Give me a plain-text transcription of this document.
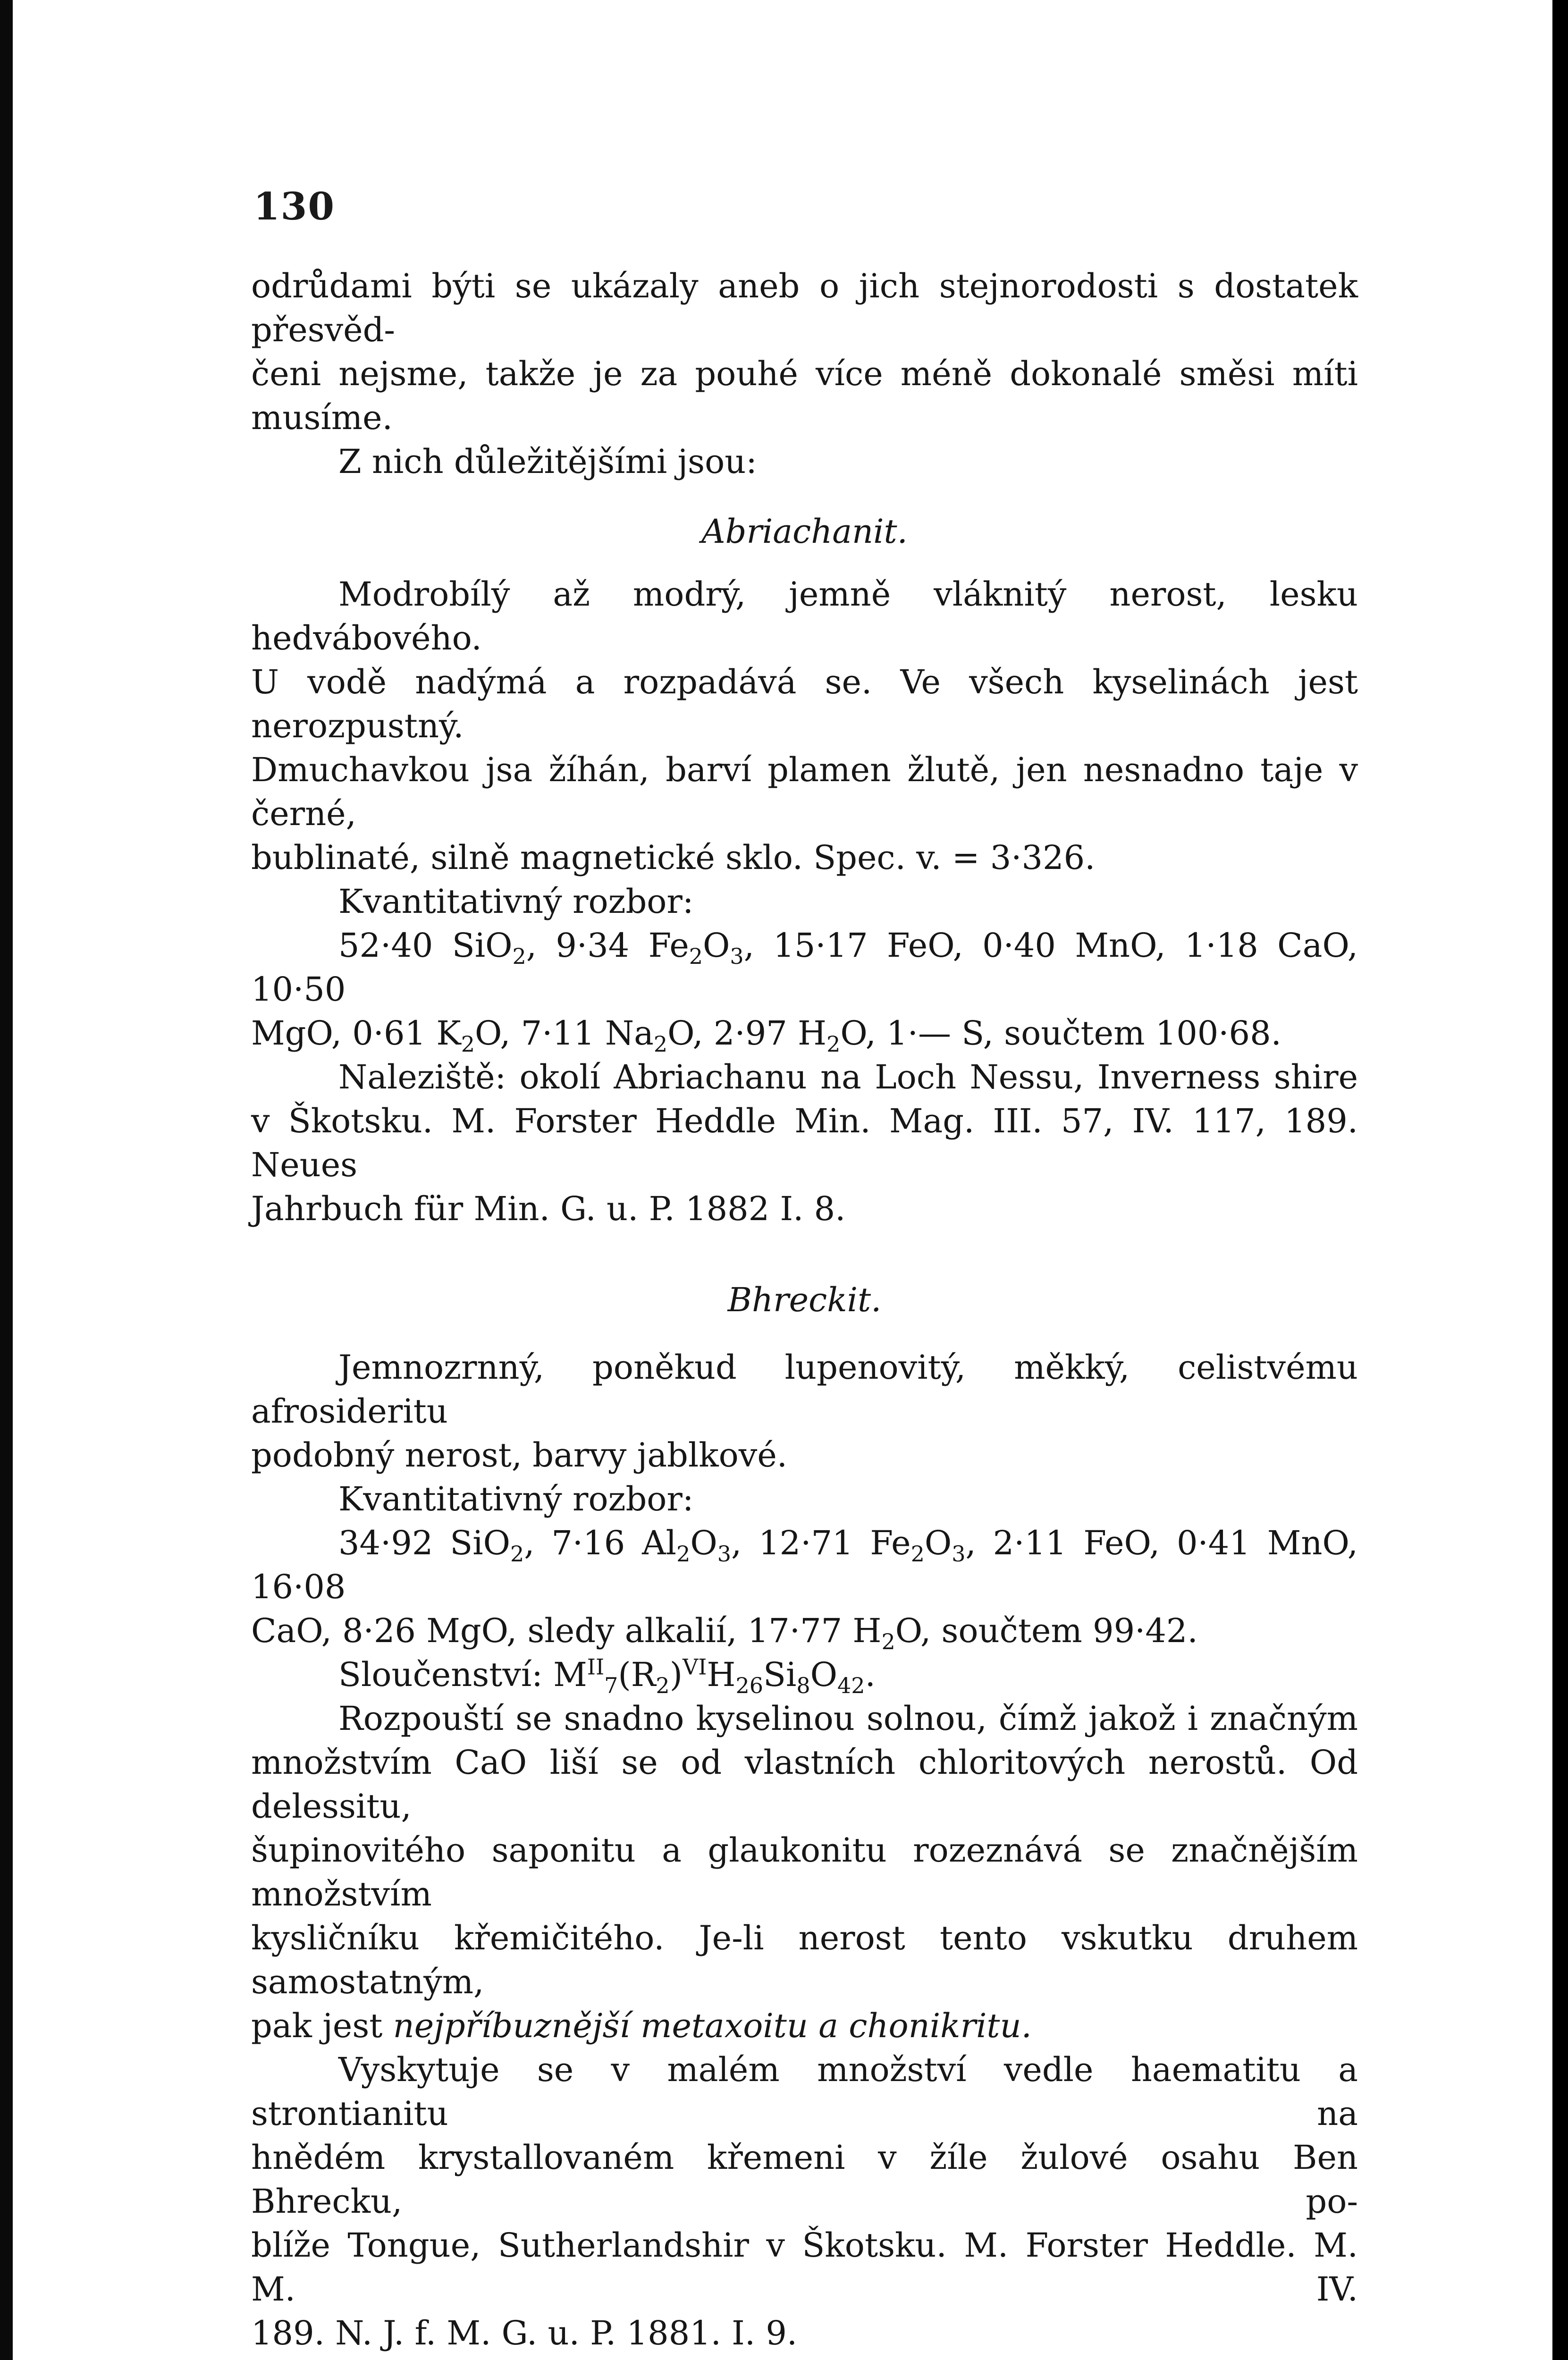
130

odrůdami býti se ukázaly aneb o jich stejnorodosti s dostatek přesvěd-

čeni nejsme, takže je za pouhé více méně dokonalé směsi míti musíme.

Z nich důležitějšími jsou:

Abriachanit.

Modrobílý až modrý, jemně vláknitý nerost, lesku hedvábového.

U vodě nadýmá a rozpadává se. Ve všech kyselinách jest nerozpustný.

Dmuchavkou jsa žíhán, barví plamen žlutě, jen nesnadno taje v černé,

bublinaté, silně magnetické sklo. Spec. v. = 3·326.

Kvantitativný rozbor:

52·40 SiO$_2$, 9·34 $Fe_2O_3$, 15·17 FeO, 0·40 MnO, 1·18 CaO, 10·50

MgO, 0·61 $K_2O$, 7·11 $Na_2O$, 2·97 $H_2O$, 1·— S, součtem 100·68.

Naleziště: okolí Abriachanu na Loch Nessu, Inverness shire

v Škotsku. M. Forster Heddle Min. Mag. III. 57, IV. 117, 189. Neues

Jahrbuch für Min. G. u. P. 1882 I. 8.

Bhreckit.

Jemnozrnný, poněkud lupenovitý, měkký, celistvému afrosideritu

podobný nerost, barvy jablkové.

Kvantitativný rozbor:

34·92 SiO$_2$, 7·16 $Al_2O_3$, 12·71 $Fe_2O_3$, 2·11 FeO, 0·41 MnO, 16·08

CaO, 8·26 MgO, sledy alkalií, 17·77 $H_2O$, součtem 99·42.

Sloučenství: $M^{II}_7(R_2)^{VI}H_{26}Si_8O_{42}$.

Rozpouští se snadno kyselinou solnou, čímž jakož i značným

množstvím CaO liší se od vlastních chloritových nerostů. Od delessitu,

šupinovitého saponitu a glaukonitu rozeznává se značnějším množstvím

kysličníku křemičitého. Je-li nerost tento vskutku druhem samostatným,

pak jest nejpříbuznější metaxoitu a chonikritu.

Vyskytuje se v malém množství vedle haematitu a strontianitu na

hnědém krystallovaném křemeni v žíle žulové osahu Ben Bhrecku, po-

blíže Tongue, Sutherlandshir v Škotsku. M. Forster Heddle. M. M. IV.

189. N. J. f. M. G. u. P. 1881. I. 9.
